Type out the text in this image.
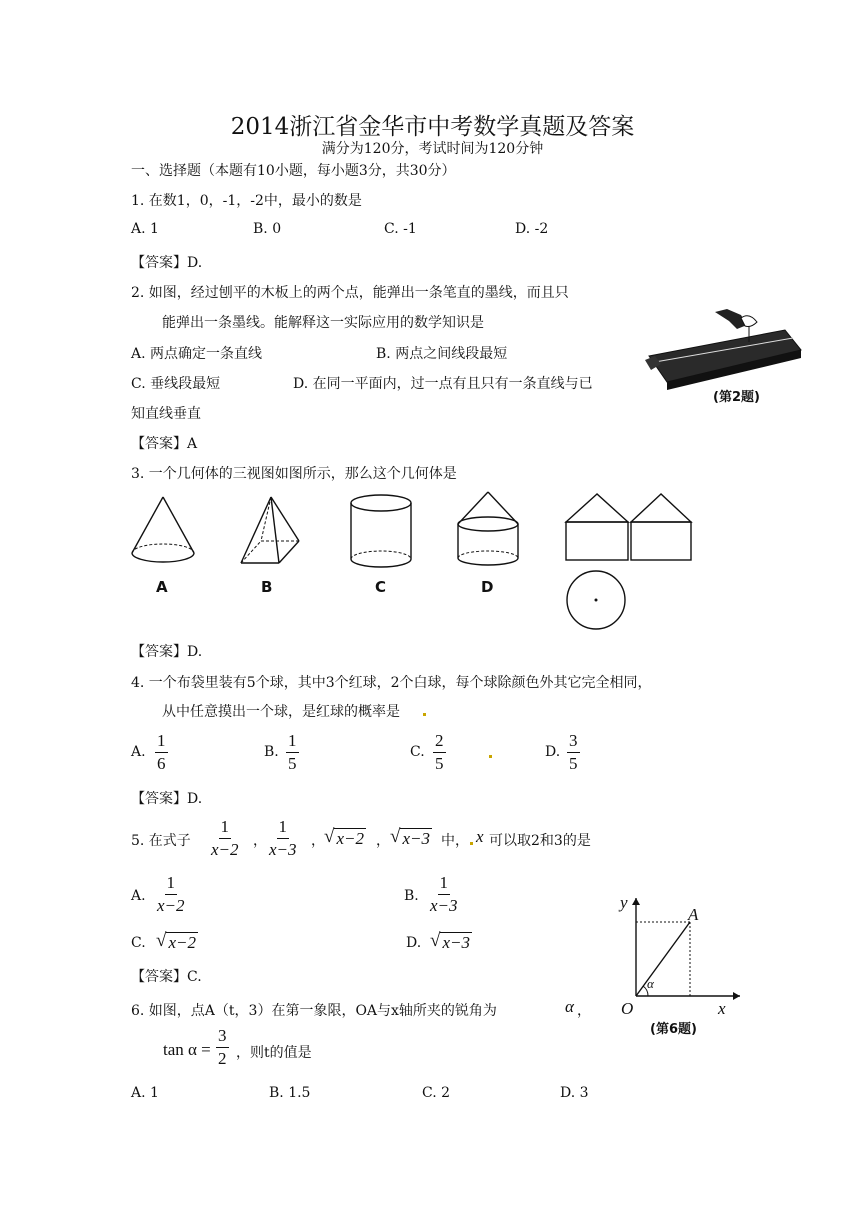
2014浙江省金华市中考数学真题及答案
满分为120分，考试时间为120分钟
一、选择题（本题有10小题，每小题3分，共30分）
1. 在数1，0，-1，-2中，最小的数是
A. 1	B. 0	C. -1	D. -2
【答案】D.
2. 如图，经过刨平的木板上的两个点，能弹出一条笔直的墨线，而且只
能弹出一条墨线。能解释这一实际应用的数学知识是
A. 两点确定一条直线	B. 两点之间线段最短
C. 垂线段最短	D. 在同一平面内，过一点有且只有一条直线与已
知直线垂直
【答案】A
(第2题)
3. 一个几何体的三视图如图所示，那么这个几何体是
A	B	C	D
【答案】D.
4. 一个布袋里装有5个球，其中3个红球，2个白球，每个球除颜色外其它完全相同，
从中任意摸出一个球，是红球的概率是
A. $\frac{1}{6}$	B. $\frac{1}{5}$	C. $\frac{2}{5}$	D. $\frac{3}{5}$
【答案】D.
5. 在式子 $\frac{1}{x-2}$ ， $\frac{1}{x-3}$ ， √ x−2 ， √ x−3 中， x 可以取2和3的是
A. $\frac{1}{x-2}$	B. $\frac{1}{x-3}$
C. √ x−2	D. √ x−3
【答案】C.
y
x
O
A
α
(第6题)
6. 如图，点A（t，3）在第一象限，OA与x轴所夹的锐角为	α ，
$\tan \alpha = \frac{3}{2}$ ，则t的值是
A. 1	B. 1.5	C. 2	D. 3
